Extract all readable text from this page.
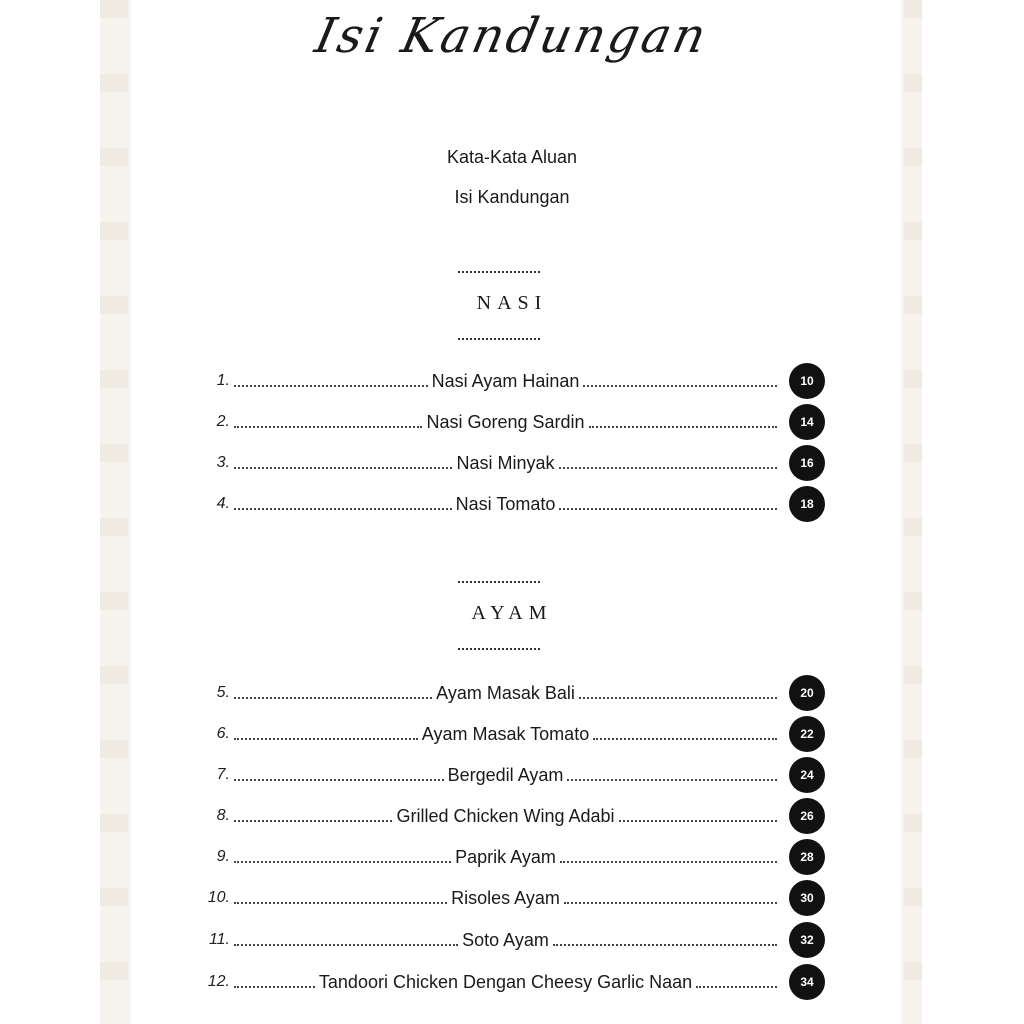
Isi Kandungan
Kata-Kata Aluan
Isi Kandungan
NASI
1.	Nasi Ayam Hainan	10
2.	Nasi Goreng Sardin	14
3.	Nasi Minyak	16
4.	Nasi Tomato	18
AYAM
5.	Ayam Masak Bali	20
6.	Ayam Masak Tomato	22
7.	Bergedil Ayam	24
8.	Grilled Chicken Wing Adabi	26
9.	Paprik Ayam	28
10.	Risoles Ayam	30
11.	Soto Ayam	32
12.	Tandoori Chicken Dengan Cheesy Garlic Naan	34
